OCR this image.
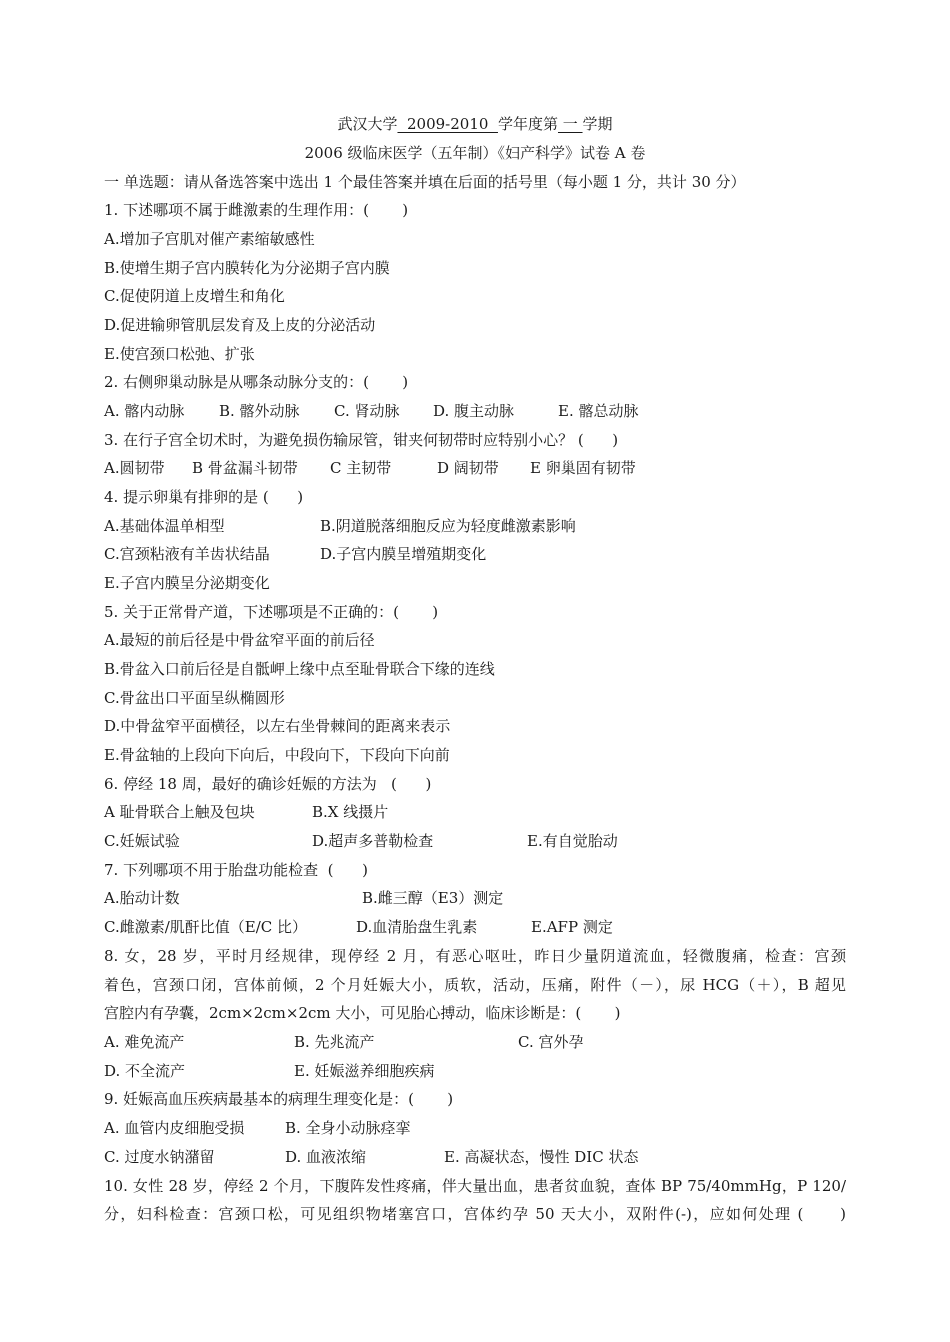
武汉大学  2009-2010  学年度第 一 学期
2006 级临床医学（五年制）《妇产科学》试卷 A 卷
一 单选题：请从备选答案中选出 1 个最佳答案并填在后面的括号里（每小题 1 分，共计 30 分）
1. 下述哪项不属于雌激素的生理作用：(       )
A.增加子宫肌对催产素缩敏感性
B.使增生期子宫内膜转化为分泌期子宫内膜
C.促使阴道上皮增生和角化
D.促进输卵管肌层发育及上皮的分泌活动
E.使宫颈口松弛、扩张
2. 右侧卵巢动脉是从哪条动脉分支的：(       )
A. 髂内动脉 B. 髂外动脉 C. 肾动脉 D. 腹主动脉	E. 髂总动脉
3. 在行子宫全切术时，为避免损伤输尿管，钳夹何韧带时应特别小心？ (      )
A.圆韧带 B 骨盆漏斗韧带 C 主韧带	D 阔韧带 E 卵巢固有韧带
4. 提示卵巢有排卵的是 (      )
A.基础体温单相型	B.阴道脱落细胞反应为轻度雌激素影响
C.宫颈粘液有羊齿状结晶	D.子宫内膜呈增殖期变化
E.子宫内膜呈分泌期变化
5. 关于正常骨产道，下述哪项是不正确的：(       )
A.最短的前后径是中骨盆窄平面的前后径
B.骨盆入口前后径是自骶岬上缘中点至耻骨联合下缘的连线
C.骨盆出口平面呈纵椭圆形
D.中骨盆窄平面横径，以左右坐骨棘间的距离来表示
E.骨盆轴的上段向下向后，中段向下，下段向下向前
6. 停经 18 周，最好的确诊妊娠的方法为   (      )
A 耻骨联合上触及包块	B.X 线摄片
C.妊娠试验	D.超声多普勒检查	E.有自觉胎动
7. 下列哪项不用于胎盘功能检查  (      )
A.胎动计数	B.雌三醇（E3）测定
C.雌激素/肌酐比值（E/C 比）	D.血清胎盘生乳素	E.AFP 测定
8. 女，28 岁，平时月经规律，现停经 2 月，有恶心呕吐，昨日少量阴道流血，轻微腹痛，检查：宫颈
着色，宫颈口闭，宫体前倾，2 个月妊娠大小，质软，活动，压痛，附件（－），尿 HCG（＋），B 超见
宫腔内有孕囊，2cm×2cm×2cm 大小，可见胎心搏动，临床诊断是：(       )
A. 难免流产	B. 先兆流产	C. 宫外孕
D. 不全流产	E. 妊娠滋养细胞疾病
9. 妊娠高血压疾病最基本的病理生理变化是：(       )
A. 血管内皮细胞受损	B. 全身小动脉痉挛
C. 过度水钠潴留	D. 血液浓缩	E. 高凝状态，慢性 DIC 状态
10. 女性 28 岁，停经 2 个月，下腹阵发性疼痛，伴大量出血，患者贫血貌，查体 BP 75/40mmHg，P 120/
分，妇科检查：宫颈口松，可见组织物堵塞宫口，宫体约孕 50 天大小，双附件(-)，应如何处理 (      )
